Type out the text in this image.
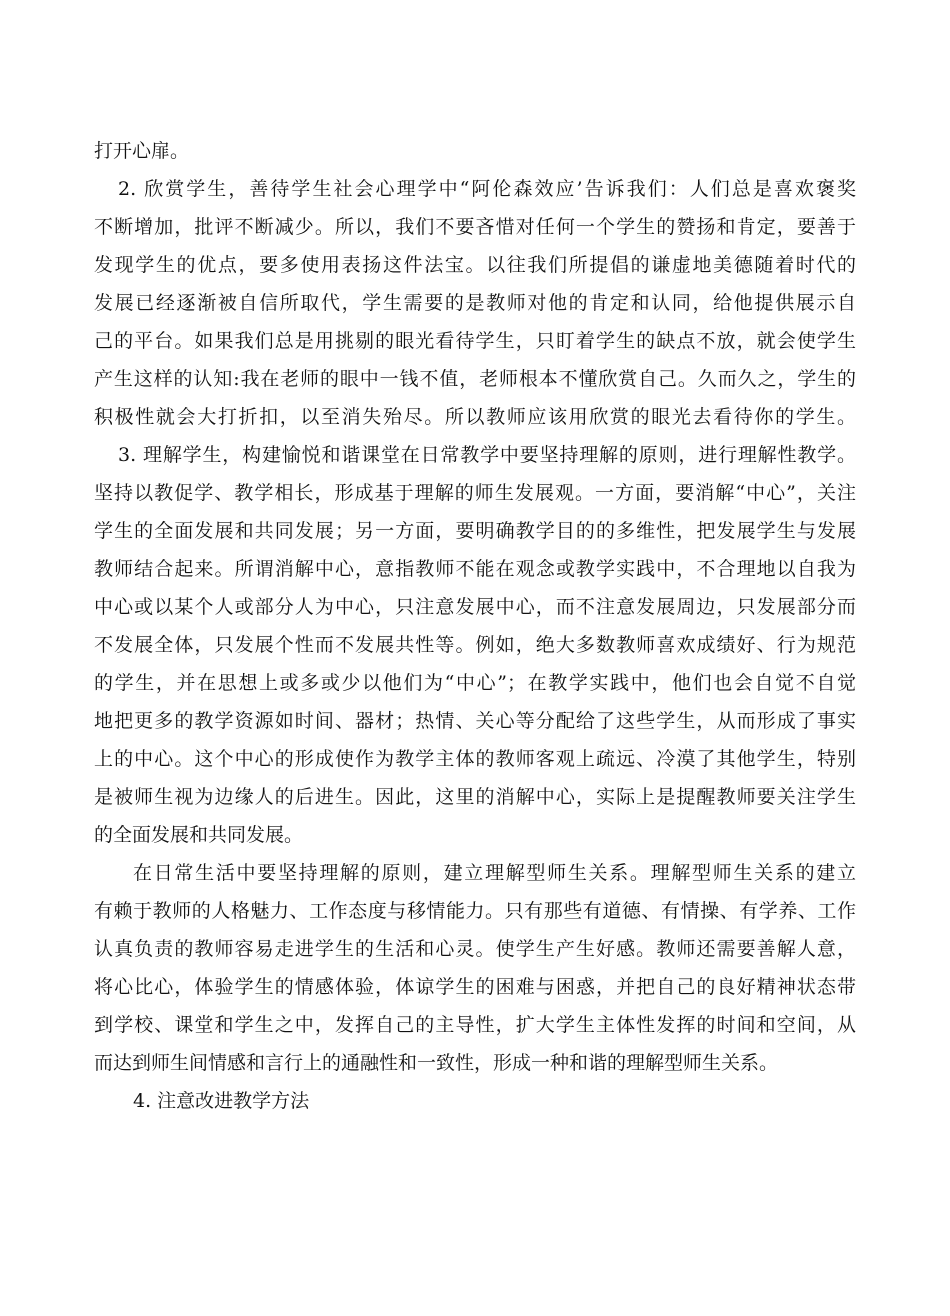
打开心扉。
2. 欣赏学生，善待学生社会心理学中“阿伦森效应’告诉我们：人们总是喜欢褒奖
不断增加，批评不断减少。所以，我们不要吝惜对任何一个学生的赞扬和肯定，要善于
发现学生的优点，要多使用表扬这件法宝。以往我们所提倡的谦虚地美德随着时代的
发展已经逐渐被自信所取代，学生需要的是教师对他的肯定和认同，给他提供展示自
己的平台。如果我们总是用挑剔的眼光看待学生，只盯着学生的缺点不放，就会使学生
产生这样的认知:我在老师的眼中一钱不值，老师根本不懂欣赏自己。久而久之，学生的
积极性就会大打折扣，以至消失殆尽。所以教师应该用欣赏的眼光去看待你的学生。
3. 理解学生，构建愉悦和谐课堂在日常教学中要坚持理解的原则，进行理解性教学。
坚持以教促学、教学相长，形成基于理解的师生发展观。一方面，要消解“中心”，关注
学生的全面发展和共同发展；另一方面，要明确教学目的的多维性，把发展学生与发展
教师结合起来。所谓消解中心，意指教师不能在观念或教学实践中，不合理地以自我为
中心或以某个人或部分人为中心，只注意发展中心，而不注意发展周边，只发展部分而
不发展全体，只发展个性而不发展共性等。例如，绝大多数教师喜欢成绩好、行为规范
的学生，并在思想上或多或少以他们为“中心”；在教学实践中，他们也会自觉不自觉
地把更多的教学资源如时间、器材；热情、关心等分配给了这些学生，从而形成了事实
上的中心。这个中心的形成使作为教学主体的教师客观上疏远、冷漠了其他学生，特别
是被师生视为边缘人的后进生。因此，这里的消解中心，实际上是提醒教师要关注学生
的全面发展和共同发展。
在日常生活中要坚持理解的原则，建立理解型师生关系。理解型师生关系的建立
有赖于教师的人格魅力、工作态度与移情能力。只有那些有道德、有情操、有学养、工作
认真负责的教师容易走进学生的生活和心灵。使学生产生好感。教师还需要善解人意，
将心比心，体验学生的情感体验，体谅学生的困难与困惑，并把自己的良好精神状态带
到学校、课堂和学生之中，发挥自己的主导性，扩大学生主体性发挥的时间和空间，从
而达到师生间情感和言行上的通融性和一致性，形成一种和谐的理解型师生关系。
4. 注意改进教学方法
